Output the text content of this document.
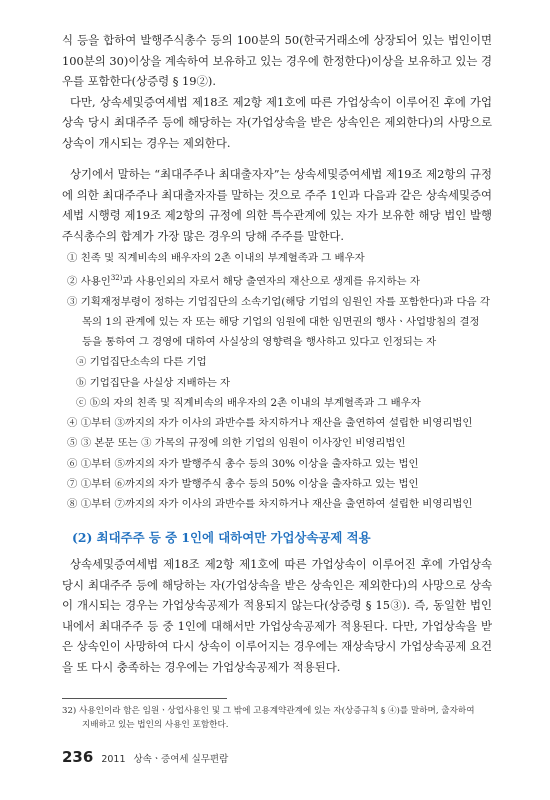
식 등을 합하여 발행주식총수 등의 100분의 50(한국거래소에 상장되어 있는 법인이면 100분의 30)이상을 계속하여 보유하고 있는 경우에 한정한다)이상을 보유하고 있는 경우를 포함한다(상증령 § 19②).

다만, 상속세및증여세법 제18조 제2항 제1호에 따른 가업상속이 이루어진 후에 가업상속 당시 최대주주 등에 해당하는 자(가업상속을 받은 상속인은 제외한다)의 사망으로 상속이 개시되는 경우는 제외한다.

상기에서 말하는 “최대주주나 최대출자자”는 상속세및증여세법 제19조 제2항의 규정에 의한 최대주주나 최대출자자를 말하는 것으로 주주 1인과 다음과 같은 상속세및증여세법 시행령 제19조 제2항의 규정에 의한 특수관계에 있는 자가 보유한 해당 법인 발행주식총수의 합계가 가장 많은 경우의 당해 주주를 말한다.

① 친족 및 직계비속의 배우자의 2촌 이내의 부계혈족과 그 배우자
② 사용인$^{32)}$과 사용인외의 자로서 해당 출연자의 재산으로 생계를 유지하는 자
③ 기획재정부령이 정하는 기업집단의 소속기업(해당 기업의 임원인 자를 포함한다)과 다음 각
목의 1의 관계에 있는 자 또는 해당 기업의 임원에 대한 임면권의 행사ㆍ사업방침의 결정
등을 통하여 그 경영에 대하여 사실상의 영향력을 행사하고 있다고 인정되는 자
ⓐ 기업집단소속의 다른 기업
ⓑ 기업집단을 사실상 지배하는 자
ⓒ ⓑ의 자의 친족 및 직계비속의 배우자의 2촌 이내의 부계혈족과 그 배우자
④ ①부터 ③까지의 자가 이사의 과반수를 차지하거나 재산을 출연하여 설립한 비영리법인
⑤ ③ 본문 또는 ③ 가목의 규정에 의한 기업의 임원이 이사장인 비영리법인
⑥ ①부터 ⑤까지의 자가 발행주식 총수 등의 30% 이상을 출자하고 있는 법인
⑦ ①부터 ⑥까지의 자가 발행주식 총수 등의 50% 이상을 출자하고 있는 법인
⑧ ①부터 ⑦까지의 자가 이사의 과반수를 차지하거나 재산을 출연하여 설립한 비영리법인
(2) 최대주주 등 중 1인에 대하여만 가업상속공제 적용

상속세및증여세법 제18조 제2항 제1호에 따른 가업상속이 이루어진 후에 가업상속 당시 최대주주 등에 해당하는 자(가업상속을 받은 상속인은 제외한다)의 사망으로 상속이 개시되는 경우는 가업상속공제가 적용되지 않는다(상증령 § 15③). 즉, 동일한 법인내에서 최대주주 등 중 1인에 대해서만 가업상속공제가 적용된다. 다만, 가업상속을 받은 상속인이 사망하여 다시 상속이 이루어지는 경우에는 재상속당시 가업상속공제 요건을 또 다시 충족하는 경우에는 가업상속공제가 적용된다.

32) 사용인이라 함은 임원ㆍ상업사용인 및 그 밖에 고용계약관계에 있는 자(상증규칙 § ④)를 말하며, 출자하여
지배하고 있는 법인의 사용인 포함한다.
236 2011 상속ㆍ증여세 실무편람
